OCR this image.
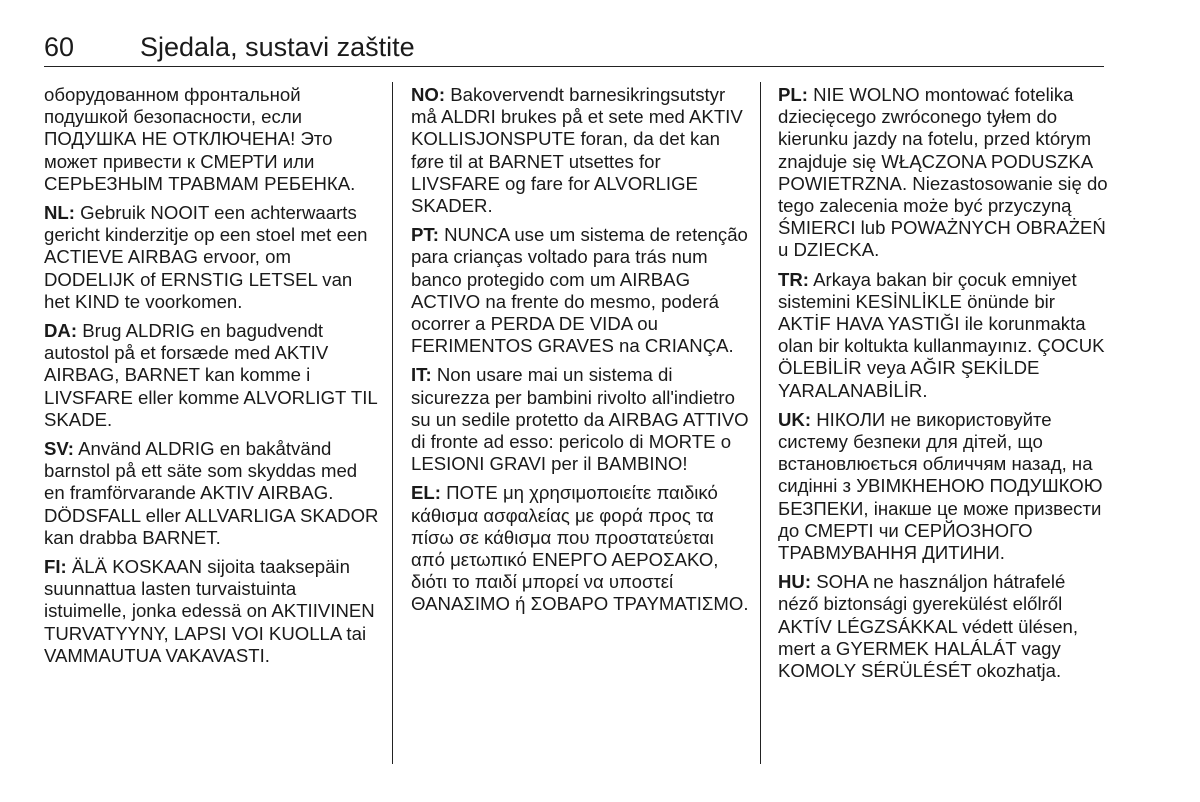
60 Sjedala, sustavi zaštite

оборудованном фронтальной подушкой безопасности, если ПОДУШКА НЕ ОТКЛЮЧЕНА! Это может привести к СМЕРТИ или СЕРЬЕЗНЫМ ТРАВМАМ РЕБЕНКА.

NL: Gebruik NOOIT een achterwaarts gericht kinderzitje op een stoel met een ACTIEVE AIRBAG ervoor, om DODELIJK of ERNSTIG LETSEL van het KIND te voorkomen.

DA: Brug ALDRIG en bagudvendt autostol på et forsæde med AKTIV AIRBAG, BARNET kan komme i LIVSFARE eller komme ALVORLIGT TIL SKADE.

SV: Använd ALDRIG en bakåtvänd barnstol på ett säte som skyddas med en framförvarande AKTIV AIRBAG. DÖDSFALL eller ALLVARLIGA SKADOR kan drabba BARNET.

FI: ÄLÄ KOSKAAN sijoita taaksepäin suunnattua lasten turvaistuinta istuimelle, jonka edessä on AKTIIVINEN TURVATYYNY, LAPSI VOI KUOLLA tai VAMMAUTUA VAKAVASTI.

NO: Bakovervendt barnesikringsutstyr må ALDRI brukes på et sete med AKTIV KOLLISJONSPUTE foran, da det kan føre til at BARNET utsettes for LIVSFARE og fare for ALVORLIGE SKADER.

PT: NUNCA use um sistema de retenção para crianças voltado para trás num banco protegido com um AIRBAG ACTIVO na frente do mesmo, poderá ocorrer a PERDA DE VIDA ou FERIMENTOS GRAVES na CRIANÇA.

IT: Non usare mai un sistema di sicurezza per bambini rivolto all'indietro su un sedile protetto da AIRBAG ATTIVO di fronte ad esso: pericolo di MORTE o LESIONI GRAVI per il BAMBINO!

EL: ΠΟΤΕ μη χρησιμοποιείτε παιδικό κάθισμα ασφαλείας με φορά προς τα πίσω σε κάθισμα που προστατεύεται από μετωπικό ΕΝΕΡΓΟ ΑΕΡΟΣΑΚΟ, διότι το παιδί μπορεί να υποστεί ΘΑΝΑΣΙΜΟ ή ΣΟΒΑΡΟ ΤΡΑΥΜΑΤΙΣΜΟ.

PL: NIE WOLNO montować fotelika dziecięcego zwróconego tyłem do kierunku jazdy na fotelu, przed którym znajduje się WŁĄCZONA PODUSZKA POWIETRZNA. Niezastosowanie się do tego zalecenia może być przyczyną ŚMIERCI lub POWAŻNYCH OBRAŻEŃ u DZIECKA.

TR: Arkaya bakan bir çocuk emniyet sistemini KESİNLİKLE önünde bir AKTİF HAVA YASTIĞI ile korunmakta olan bir koltukta kullanmayınız. ÇOCUK ÖLEBİLİR veya AĞIR ŞEKİLDE YARALANABİLİR.

UK: НІКОЛИ не використовуйте систему безпеки для дітей, що встановлюється обличчям назад, на сидінні з УВІМКНЕНОЮ ПОДУШКОЮ БЕЗПЕКИ, інакше це може призвести до СМЕРТІ чи СЕРЙОЗНОГО ТРАВМУВАННЯ ДИТИНИ.

HU: SOHA ne használjon hátrafelé néző biztonsági gyerekülést előlről AKTÍV LÉGZSÁKKAL védett ülésen, mert a GYERMEK HALÁLÁT vagy KOMOLY SÉRÜLÉSÉT okozhatja.
